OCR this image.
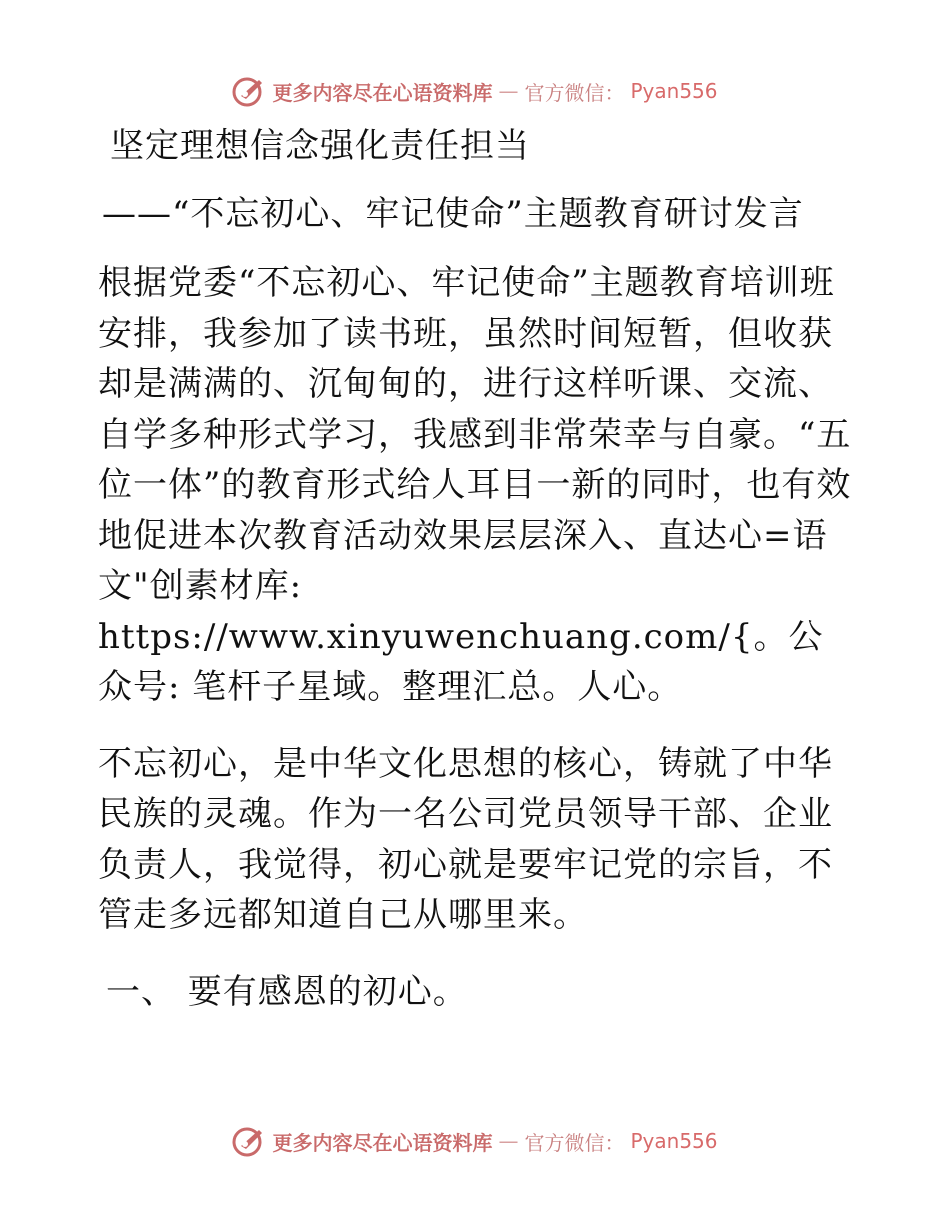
更多内容尽在心语资料库 — 官方微信： Pyan556
坚定理想信念强化责任担当
——“不忘初心、牢记使命”主题教育研讨发言

根据党委“不忘初心、牢记使命”主题教育培训班安排，我参加了读书班，虽然时间短暂，但收获却是满满的、沉甸甸的，进行这样听课、交流、自学多种形式学习，我感到非常荣幸与自豪。“五位一体”的教育形式给人耳目一新的同时，也有效地促进本次教育活动效果层层深入、直达心=语文"创素材库: https://www.xinyuwenchuang.com/{。公众号: 笔杆子星域。整理汇总。人心。

不忘初心，是中华文化思想的核心，铸就了中华民族的灵魂。作为一名公司党员领导干部、企业负责人，我觉得，初心就是要牢记党的宗旨，不管走多远都知道自己从哪里来。

一、 要有感恩的初心。

更多内容尽在心语资料库 — 官方微信： Pyan556
